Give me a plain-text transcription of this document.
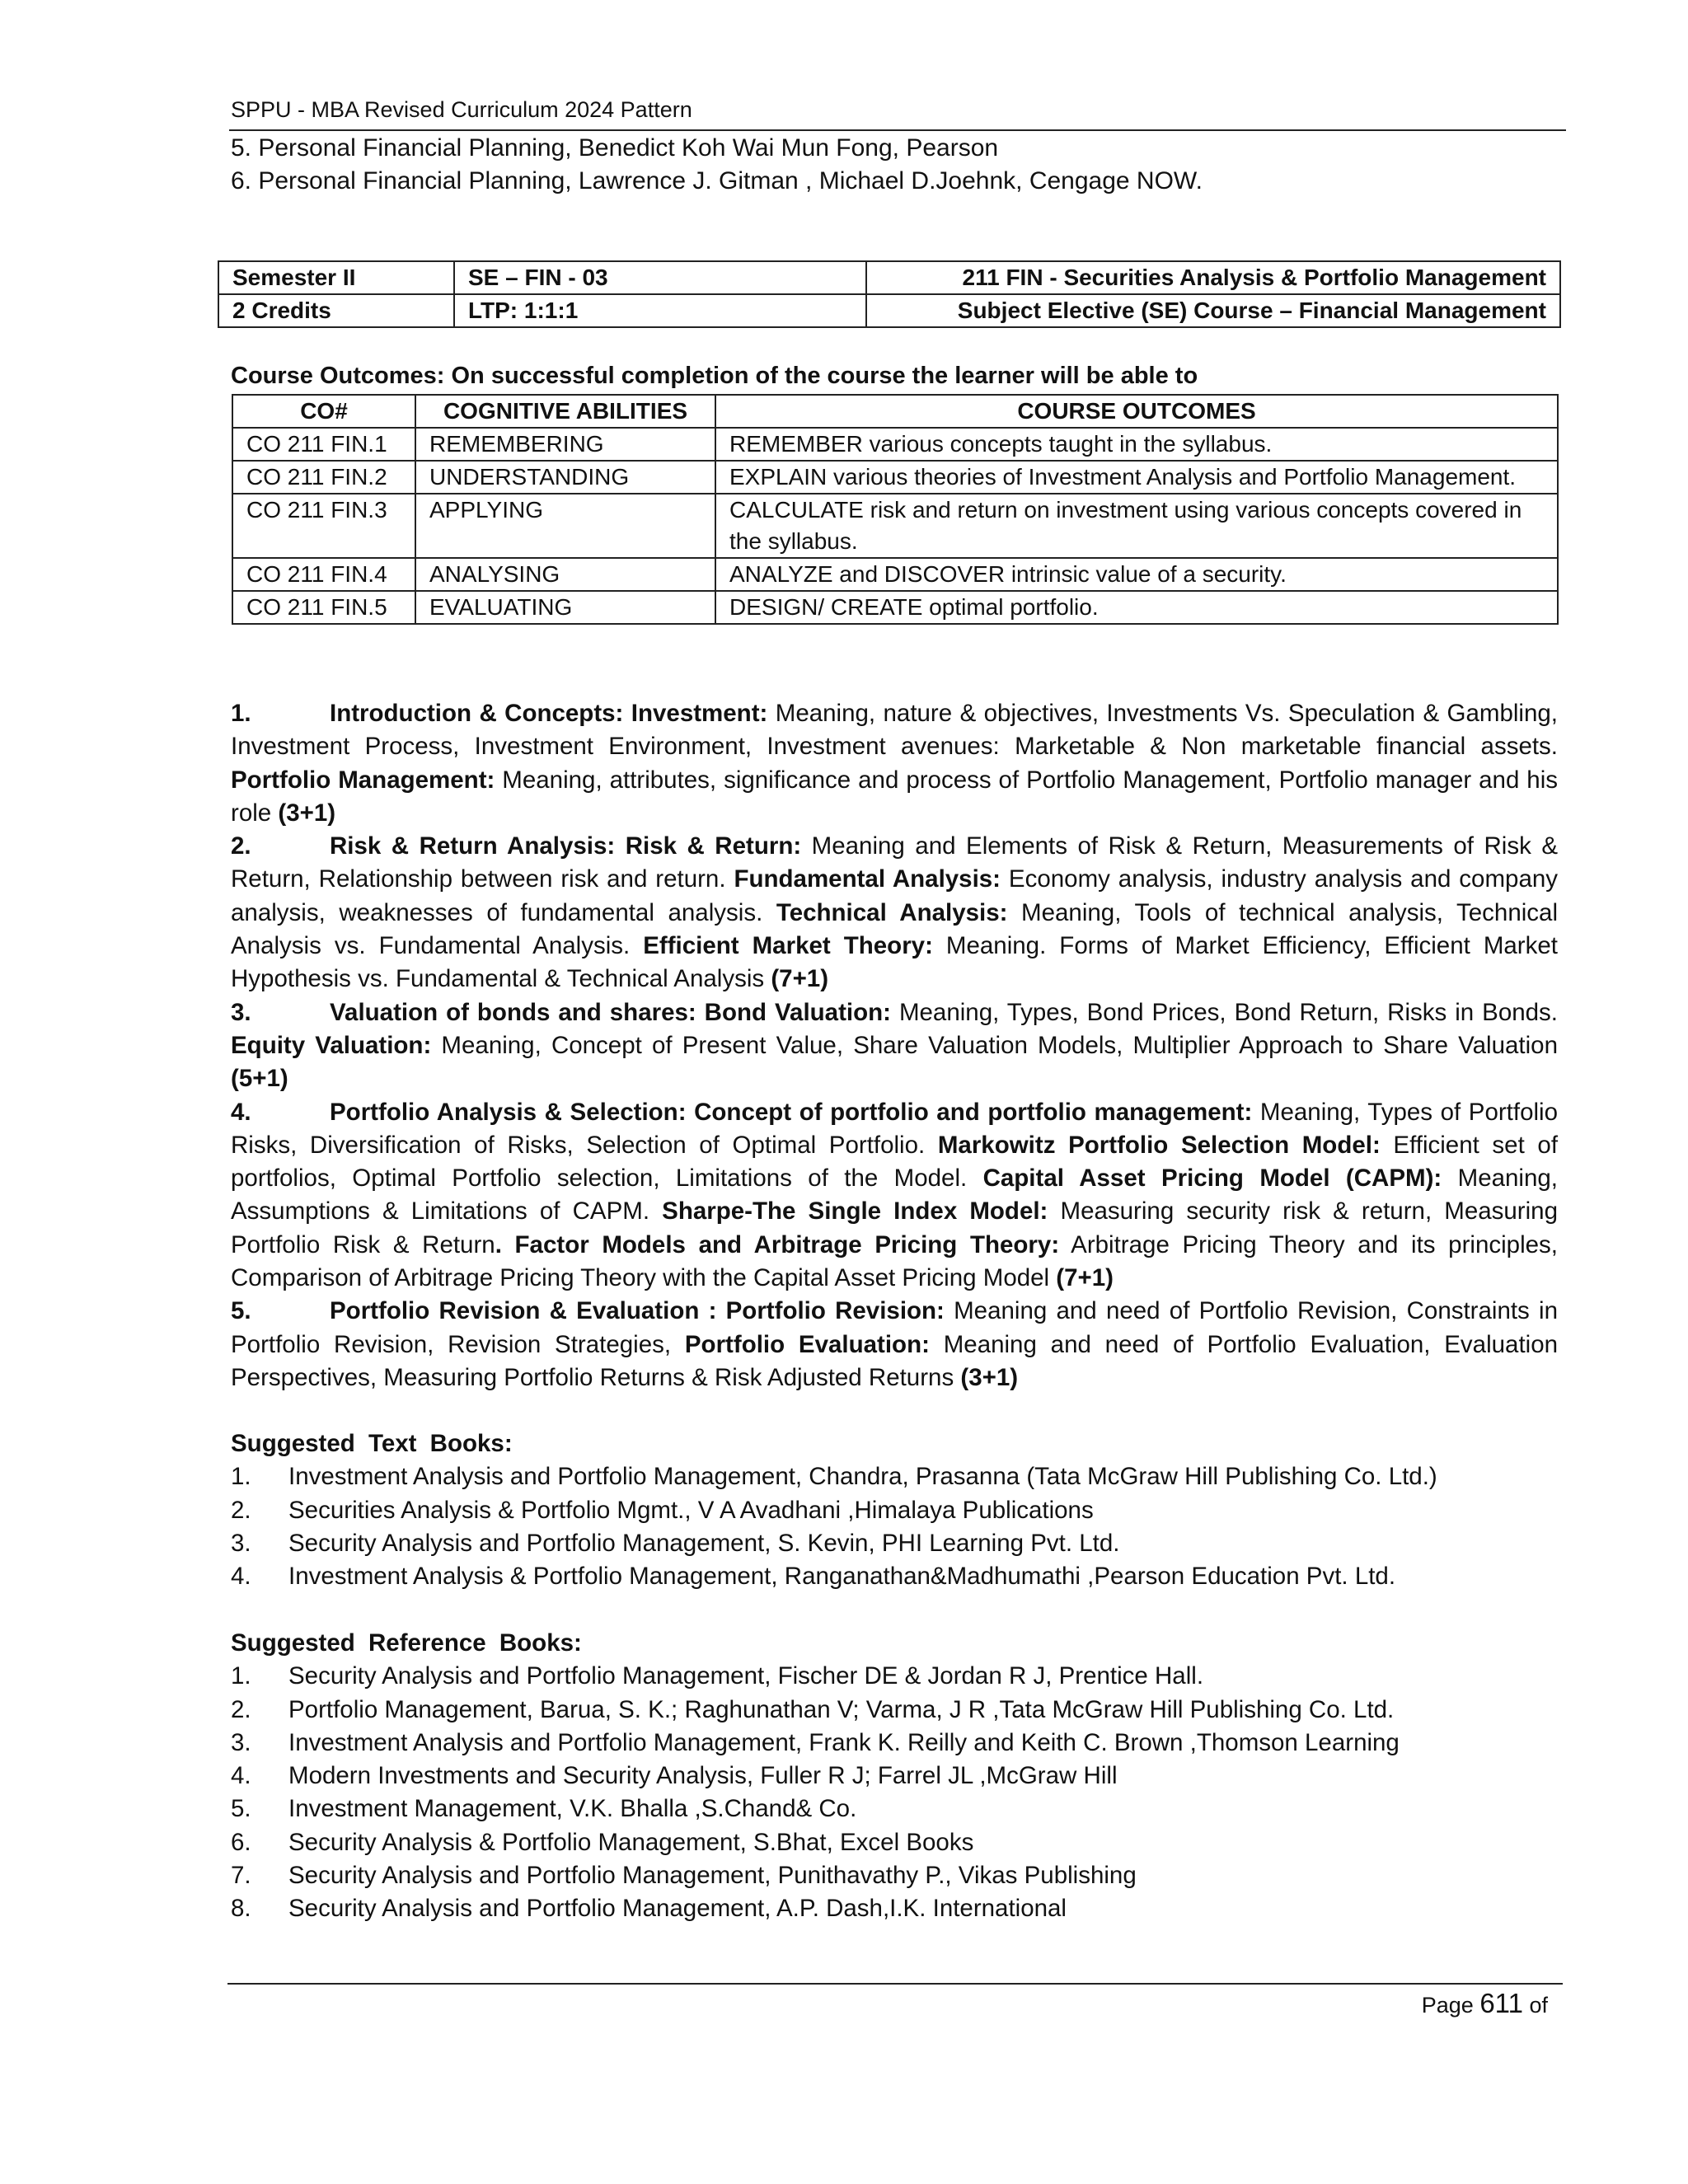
SPPU - MBA Revised Curriculum 2024 Pattern
5. Personal Financial Planning, Benedict Koh Wai Mun Fong, Pearson
6. Personal Financial Planning, Lawrence J. Gitman , Michael D.Joehnk, Cengage NOW.
Semester II	SE – FIN - 03	211 FIN - Securities Analysis & Portfolio Management
2 Credits	LTP: 1:1:1	Subject Elective (SE) Course – Financial Management
Course Outcomes: On successful completion of the course the learner will be able to
CO#	COGNITIVE ABILITIES	COURSE OUTCOMES
CO 211 FIN.1	REMEMBERING	REMEMBER various concepts taught in the syllabus.
CO 211 FIN.2	UNDERSTANDING	EXPLAIN various theories of Investment Analysis and Portfolio Management.
CO 211 FIN.3	APPLYING	CALCULATE risk and return on investment using various concepts covered in the syllabus.
CO 211 FIN.4	ANALYSING	ANALYZE and DISCOVER intrinsic value of a security.
CO 211 FIN.5	EVALUATING	DESIGN/ CREATE optimal portfolio.

1.	Introduction & Concepts: Investment: Meaning, nature & objectives, Investments Vs. Speculation & Gambling, Investment Process, Investment Environment, Investment avenues: Marketable & Non marketable financial assets. Portfolio Management: Meaning, attributes, significance and process of Portfolio Management, Portfolio manager and his role (3+1)

2.	Risk & Return Analysis: Risk & Return: Meaning and Elements of Risk & Return, Measurements of Risk & Return, Relationship between risk and return. Fundamental Analysis: Economy analysis, industry analysis and company analysis, weaknesses of fundamental analysis. Technical Analysis: Meaning, Tools of technical analysis, Technical Analysis vs. Fundamental Analysis. Efficient Market Theory: Meaning. Forms of Market Efficiency, Efficient Market Hypothesis vs. Fundamental & Technical Analysis (7+1)

3.	Valuation of bonds and shares: Bond Valuation: Meaning, Types, Bond Prices, Bond Return, Risks in Bonds. Equity Valuation: Meaning, Concept of Present Value, Share Valuation Models, Multiplier Approach to Share Valuation (5+1)

4.	Portfolio Analysis & Selection: Concept of portfolio and portfolio management: Meaning, Types of Portfolio Risks, Diversification of Risks, Selection of Optimal Portfolio. Markowitz Portfolio Selection Model: Efficient set of portfolios, Optimal Portfolio selection, Limitations of the Model. Capital Asset Pricing Model (CAPM): Meaning, Assumptions & Limitations of CAPM. Sharpe-The Single Index Model: Measuring security risk & return, Measuring Portfolio Risk & Return. Factor Models and Arbitrage Pricing Theory: Arbitrage Pricing Theory and its principles, Comparison of Arbitrage Pricing Theory with the Capital Asset Pricing Model (7+1)

5.	Portfolio Revision & Evaluation : Portfolio Revision: Meaning and need of Portfolio Revision, Constraints in Portfolio Revision, Revision Strategies, Portfolio Evaluation: Meaning and need of Portfolio Evaluation, Evaluation Perspectives, Measuring Portfolio Returns & Risk Adjusted Returns (3+1)

Suggested Text Books:
1. Investment Analysis and Portfolio Management, Chandra, Prasanna (Tata McGraw Hill Publishing Co. Ltd.)
2. Securities Analysis & Portfolio Mgmt., V A Avadhani ,Himalaya Publications
3. Security Analysis and Portfolio Management, S. Kevin, PHI Learning Pvt. Ltd.
4. Investment Analysis & Portfolio Management, Ranganathan&Madhumathi ,Pearson Education Pvt. Ltd.
Suggested Reference Books:
1. Security Analysis and Portfolio Management, Fischer DE & Jordan R J, Prentice Hall.
2. Portfolio Management, Barua, S. K.; Raghunathan V; Varma, J R ,Tata McGraw Hill Publishing Co. Ltd.
3. Investment Analysis and Portfolio Management, Frank K. Reilly and Keith C. Brown ,Thomson Learning
4. Modern Investments and Security Analysis, Fuller R J; Farrel JL ,McGraw Hill
5. Investment Management, V.K. Bhalla ,S.Chand& Co.
6. Security Analysis & Portfolio Management, S.Bhat, Excel Books
7. Security Analysis and Portfolio Management, Punithavathy P., Vikas Publishing
8. Security Analysis and Portfolio Management, A.P. Dash,I.K. International
Page 611 of
